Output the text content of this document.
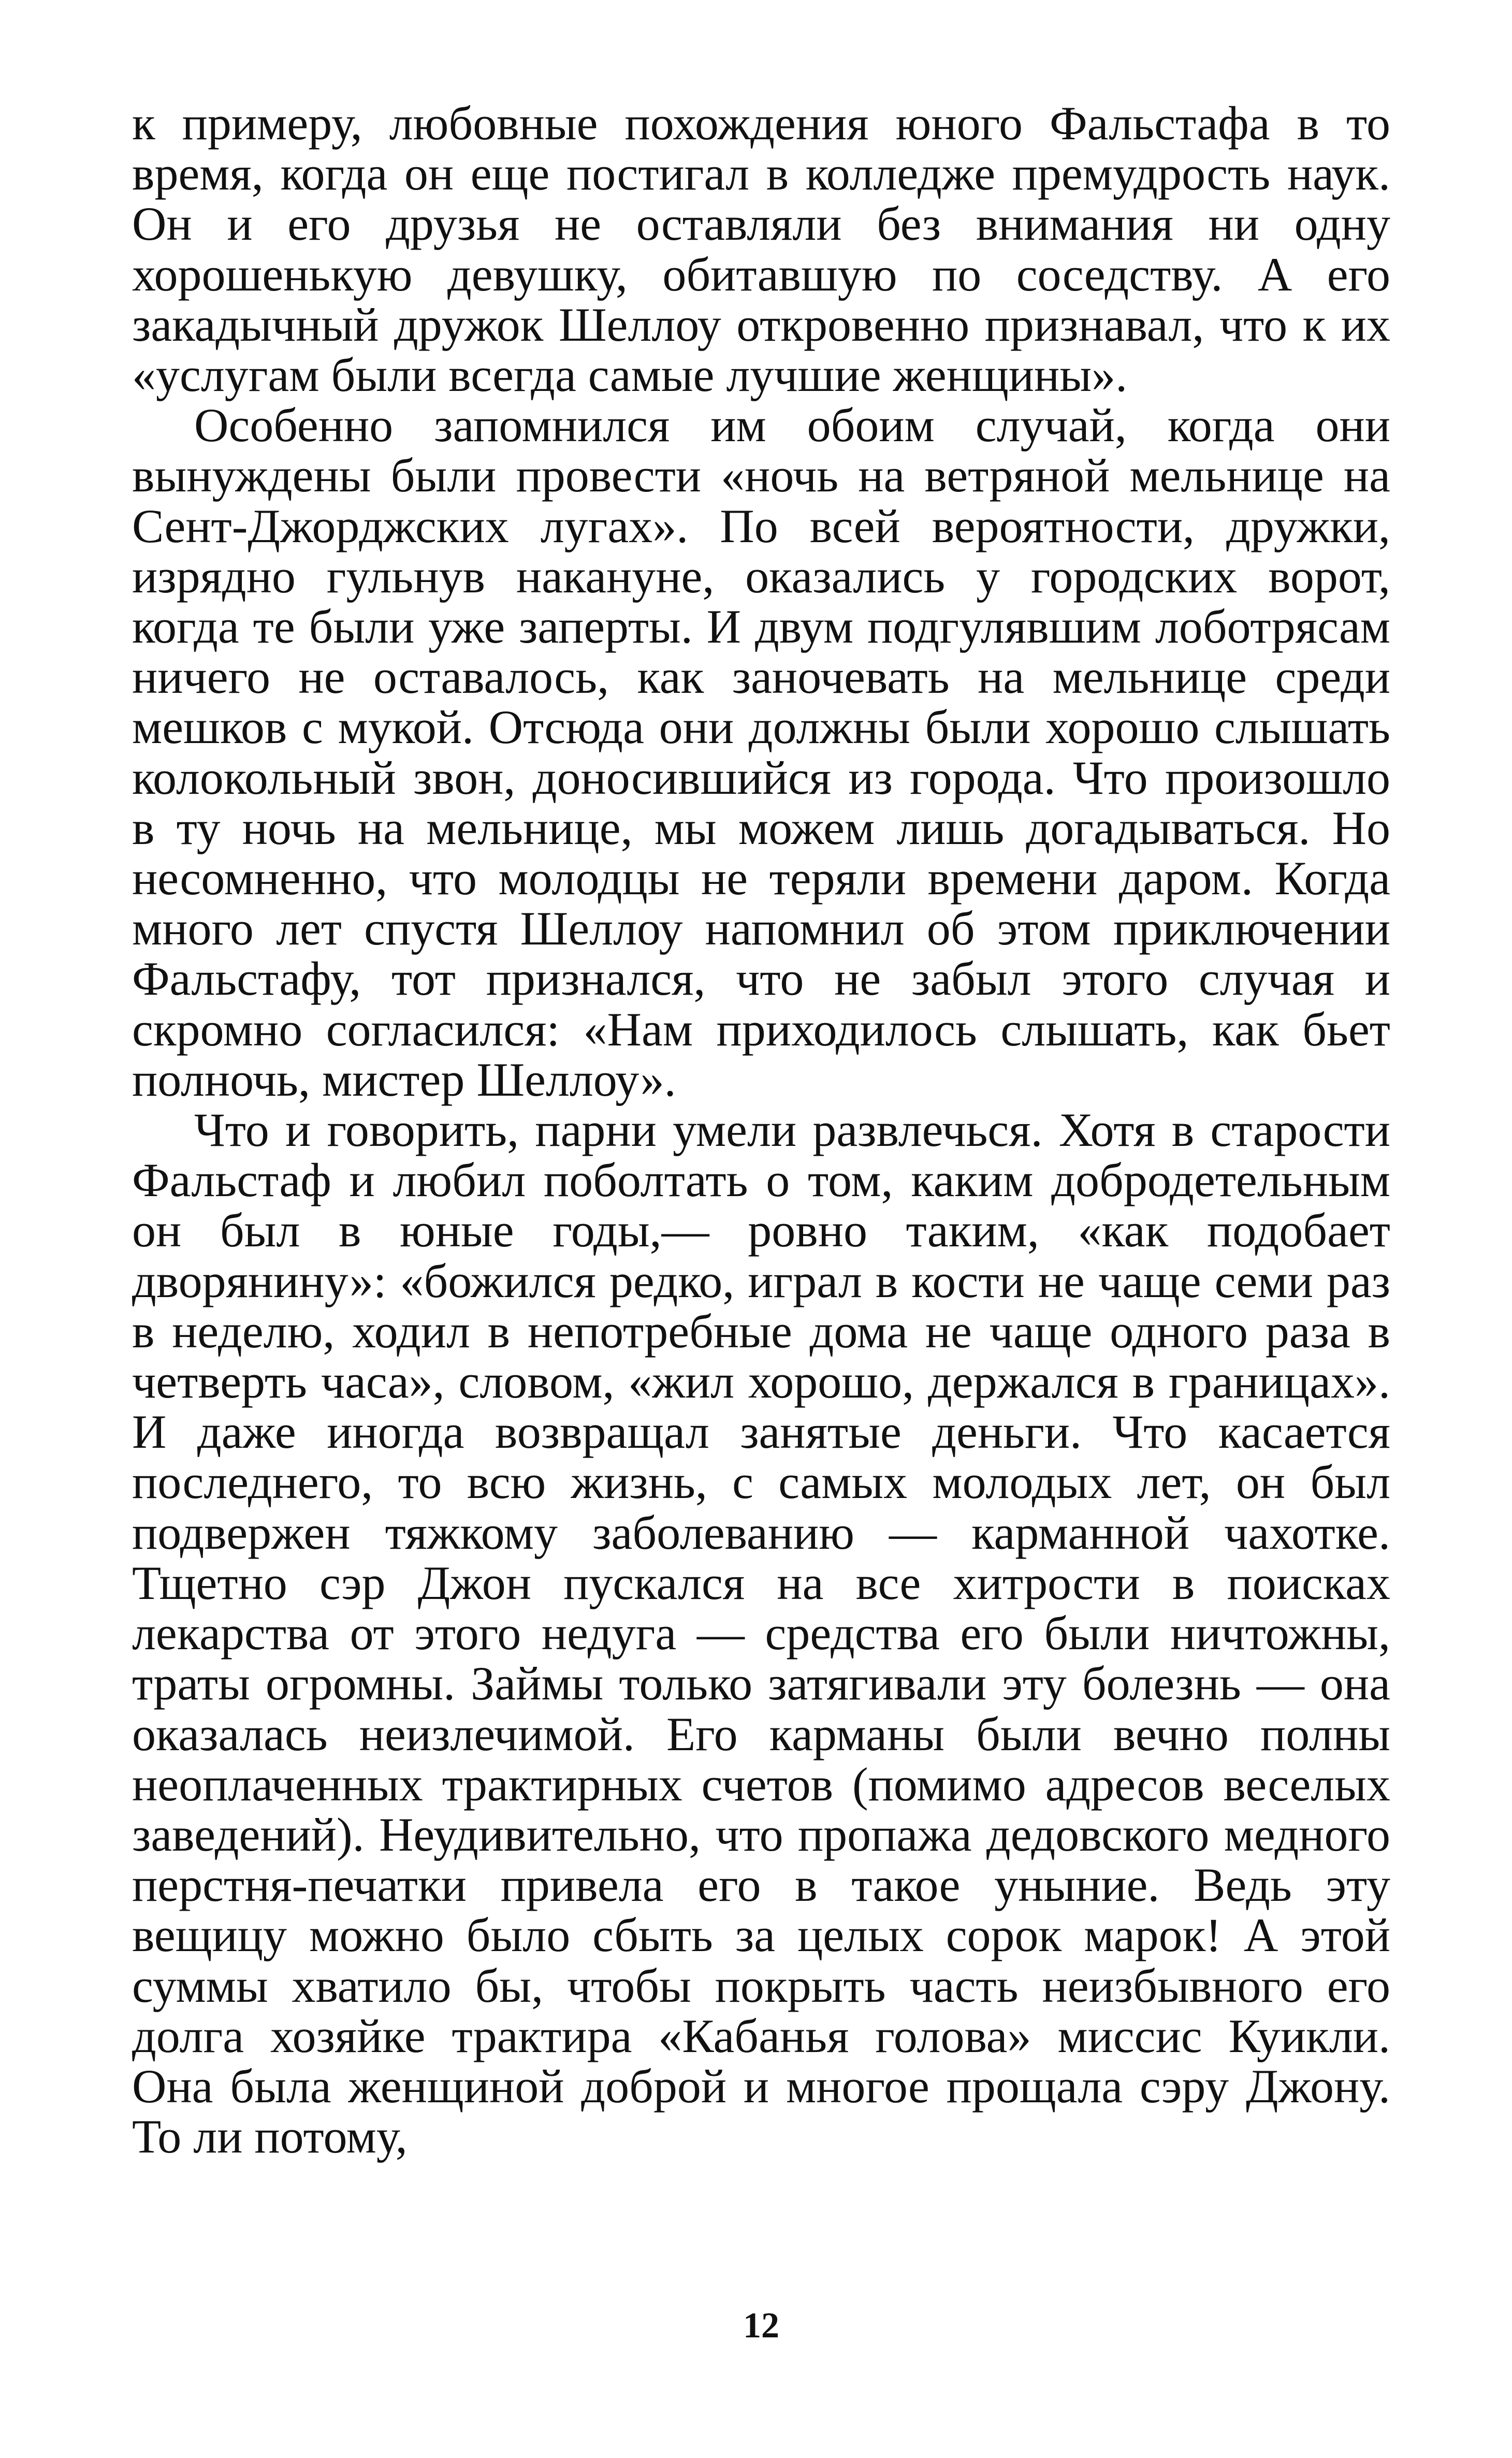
к примеру, любовные похождения юного Фальстафа в то время, когда он еще постигал в колледже премудрость наук. Он и его друзья не оставляли без внимания ни одну хорошенькую девушку, обитавшую по соседству. А его закадычный дружок Шеллоу откровенно признавал, что к их «услугам были всегда самые лучшие женщины».

Особенно запомнился им обоим случай, когда они вынуждены были провести «ночь на ветряной мельнице на Сент-Джорджских лугах». По всей вероятности, дружки, изрядно гульнув накануне, оказались у городских ворот, когда те были уже заперты. И двум подгулявшим лоботрясам ничего не оставалось, как заночевать на мельнице среди мешков с мукой. Отсюда они должны были хорошо слышать колокольный звон, доносившийся из города. Что произошло в ту ночь на мельнице, мы можем лишь догадываться. Но несомненно, что молодцы не теряли времени даром. Когда много лет спустя Шеллоу напомнил об этом приключении Фальстафу, тот признался, что не забыл этого случая и скромно согласился: «Нам приходилось слышать, как бьет полночь, мистер Шеллоу».

Что и говорить, парни умели развлечься. Хотя в старости Фальстаф и любил поболтать о том, каким добродетельным он был в юные годы,— ровно таким, «как подобает дворянину»: «божился редко, играл в кости не чаще семи раз в неделю, ходил в непотребные дома не чаще одного раза в четверть часа», словом, «жил хорошо, держался в границах». И даже иногда возвращал занятые деньги. Что касается последнего, то всю жизнь, с самых молодых лет, он был подвержен тяжкому заболеванию — карманной чахотке. Тщетно сэр Джон пускался на все хитрости в поисках лекарства от этого недуга — средства его были ничтожны, траты огромны. Займы только затягивали эту болезнь — она оказалась неизлечимой. Его карманы были вечно полны неоплаченных трактирных счетов (помимо адресов веселых заведений). Неудивительно, что пропажа дедовского медного перстня-печатки привела его в такое уныние. Ведь эту вещицу можно было сбыть за целых сорок марок! А этой суммы хватило бы, чтобы покрыть часть неизбывного его долга хозяйке трактира «Кабанья голова» миссис Куикли. Она была женщиной доброй и многое прощала сэру Джону. То ли потому,

12
